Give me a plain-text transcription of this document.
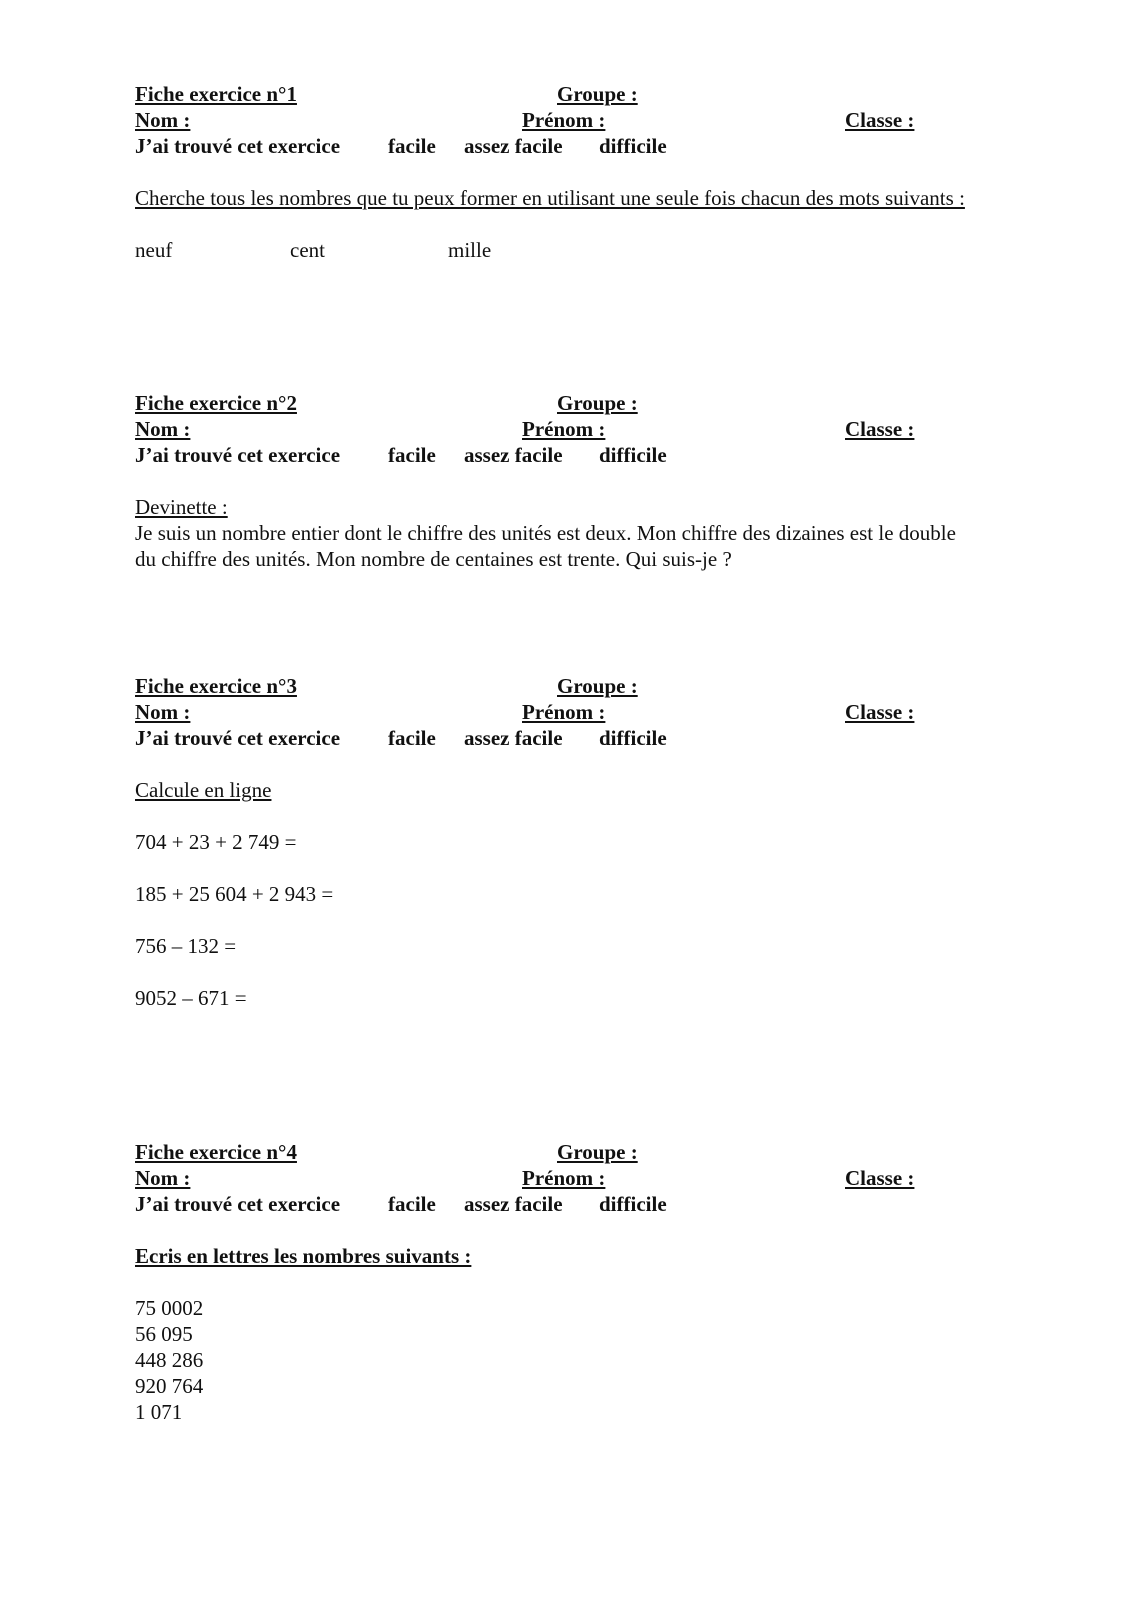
Fiche exercice n°1	Groupe :
Nom :	Prénom :	Classe :
J’ai trouvé cet exercice facile assez facile difficile
Cherche tous les nombres que tu peux former en utilisant une seule fois chacun des mots suivants :
neuf	cent	mille
Fiche exercice n°2	Groupe :
Nom :	Prénom :	Classe :
J’ai trouvé cet exercice facile assez facile difficile
Devinette :
Je suis un nombre entier dont le chiffre des unités est deux. Mon chiffre des dizaines est le double du chiffre des unités. Mon nombre de centaines est trente. Qui suis-je ?
Fiche exercice n°3	Groupe :
Nom :	Prénom :	Classe :
J’ai trouvé cet exercice facile assez facile difficile
Calcule en ligne
704 + 23 + 2 749 =
185 + 25 604 + 2 943 =
756 – 132 =
9052 – 671 =
Fiche exercice n°4	Groupe :
Nom :	Prénom :	Classe :
J’ai trouvé cet exercice facile assez facile difficile
Ecris en lettres les nombres suivants :
75 0002
56 095
448 286
920 764
1 071
